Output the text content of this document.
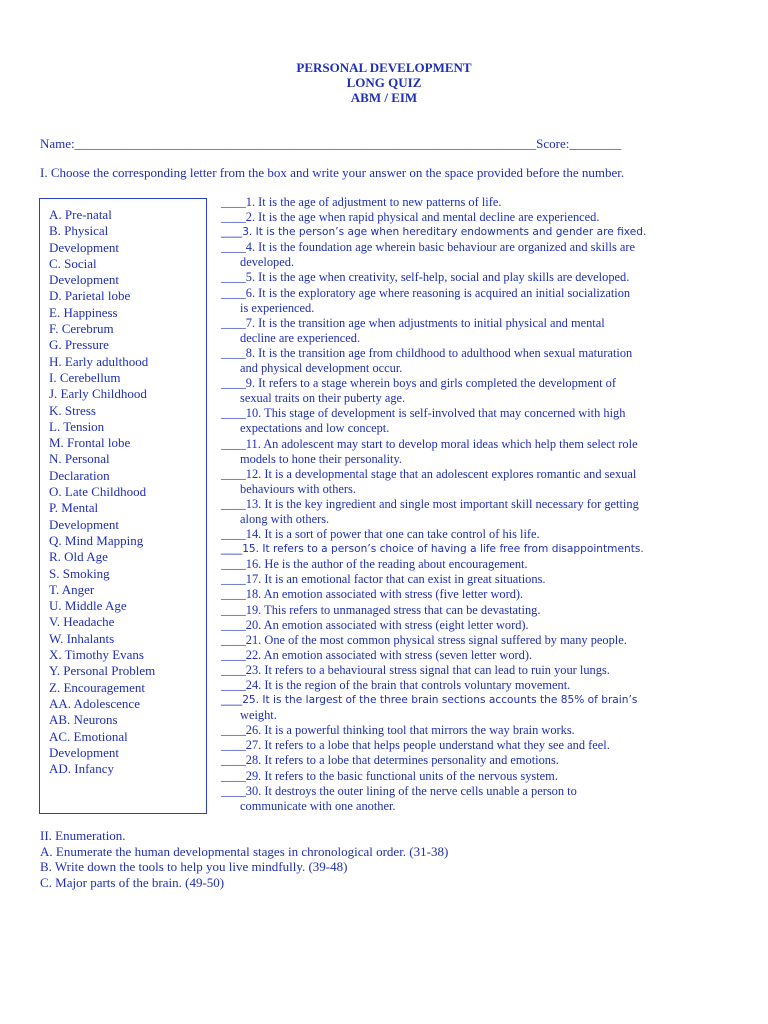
PERSONAL DEVELOPMENT
LONG QUIZ
ABM / EIM
Name:_______________________________________________________________________Score:________
I. Choose the corresponding letter from the box and write your answer on the space provided before the number.
A. Pre-natal
B. Physical
Development
C. Social
Development
D. Parietal lobe
E. Happiness
F. Cerebrum
G. Pressure
H. Early adulthood
I. Cerebellum
J. Early Childhood
K. Stress
L. Tension
M. Frontal lobe
N. Personal
Declaration
O. Late Childhood
P. Mental
Development
Q. Mind Mapping
R. Old Age
S. Smoking
T. Anger
U. Middle Age
V. Headache
W. Inhalants
X. Timothy Evans
Y. Personal Problem
Z. Encouragement
AA. Adolescence
AB. Neurons
AC. Emotional
Development
AD. Infancy
____1. It is the age of adjustment to new patterns of life.
____2. It is the age when rapid physical and mental decline are experienced.
____3. It is the person’s age when hereditary endowments and gender are fixed.
____4. It is the foundation age wherein basic behaviour are organized and skills are
developed.
____5. It is the age when creativity, self-help, social and play skills are developed.
____6. It is the exploratory age where reasoning is acquired an initial socialization
is experienced.
____7. It is the transition age when adjustments to initial physical and mental
decline are experienced.
____8. It is the transition age from childhood to adulthood when sexual maturation
and physical development occur.
____9. It refers to a stage wherein boys and girls completed the development of
sexual traits on their puberty age.
____10. This stage of development is self-involved that may concerned with high
expectations and low concept.
____11. An adolescent may start to develop moral ideas which help them select role
models to hone their personality.
____12. It is a developmental stage that an adolescent explores romantic and sexual
behaviours with others.
____13. It is the key ingredient and single most important skill necessary for getting
along with others.
____14. It is a sort of power that one can take control of his life.
____15. It refers to a person’s choice of having a life free from disappointments.
____16. He is the author of the reading about encouragement.
____17. It is an emotional factor that can exist in great situations.
____18. An emotion associated with stress (five letter word).
____19. This refers to unmanaged stress that can be devastating.
____20. An emotion associated with stress (eight letter word).
____21. One of the most common physical stress signal suffered by many people.
____22. An emotion associated with stress (seven letter word).
____23. It refers to a behavioural stress signal that can lead to ruin your lungs.
____24. It is the region of the brain that controls voluntary movement.
____25. It is the largest of the three brain sections accounts the 85% of brain’s
weight.
____26. It is a powerful thinking tool that mirrors the way brain works.
____27. It refers to a lobe that helps people understand what they see and feel.
____28. It refers to a lobe that determines personality and emotions.
____29. It refers to the basic functional units of the nervous system.
____30. It destroys the outer lining of the nerve cells unable a person to
communicate with one another.
II. Enumeration.
A. Enumerate the human developmental stages in chronological order. (31-38)
B. Write down the tools to help you live mindfully. (39-48)
C. Major parts of the brain. (49-50)
